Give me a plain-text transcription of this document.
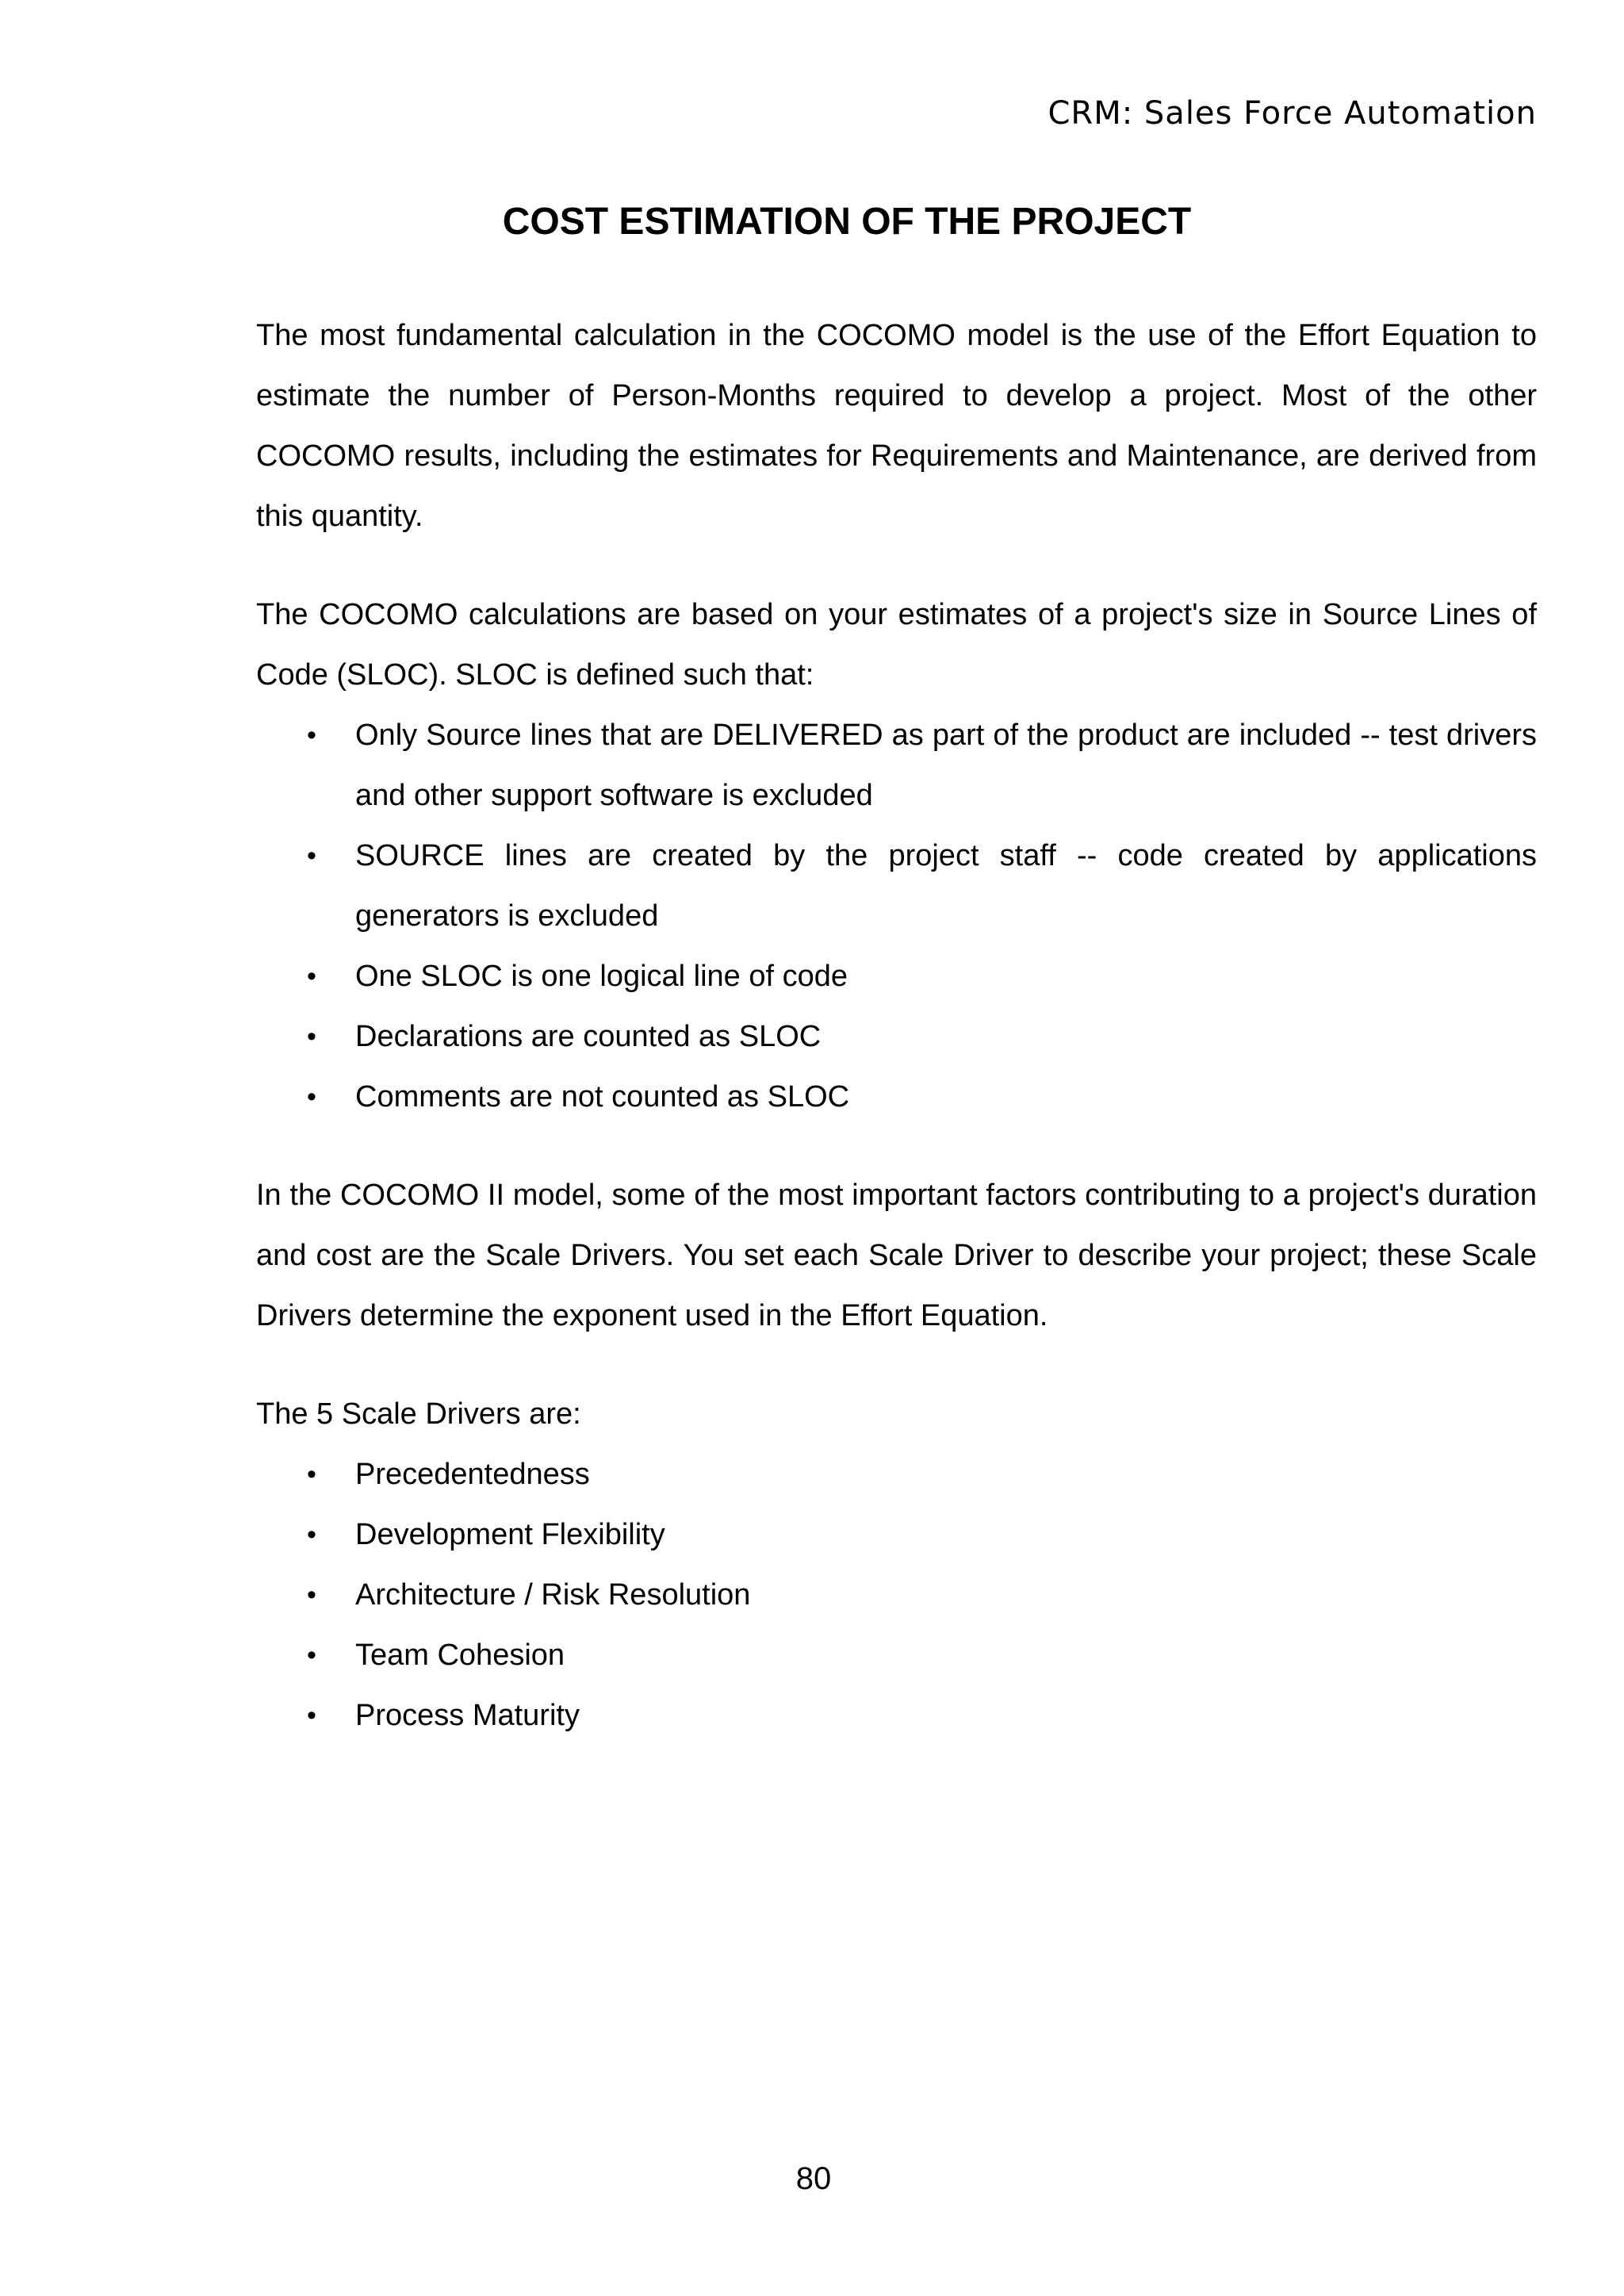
CRM: Sales Force Automation
COST ESTIMATION OF THE PROJECT

The most fundamental calculation in the COCOMO model is the use of the Effort Equation to estimate the number of Person-Months required to develop a project. Most of the other COCOMO results, including the estimates for Requirements and Maintenance, are derived from this quantity.

The COCOMO calculations are based on your estimates of a project's size in Source Lines of Code (SLOC). SLOC is defined such that:

• Only Source lines that are DELIVERED as part of the product are included -- test drivers and other support software is excluded
• SOURCE lines are created by the project staff -- code created by applications generators is excluded
• One SLOC is one logical line of code
• Declarations are counted as SLOC
• Comments are not counted as SLOC

In the COCOMO II model, some of the most important factors contributing to a project's duration and cost are the Scale Drivers. You set each Scale Driver to describe your project; these Scale Drivers determine the exponent used in the Effort Equation.

The 5 Scale Drivers are:

• Precedentedness
• Development Flexibility
• Architecture / Risk Resolution
• Team Cohesion
• Process Maturity
80
